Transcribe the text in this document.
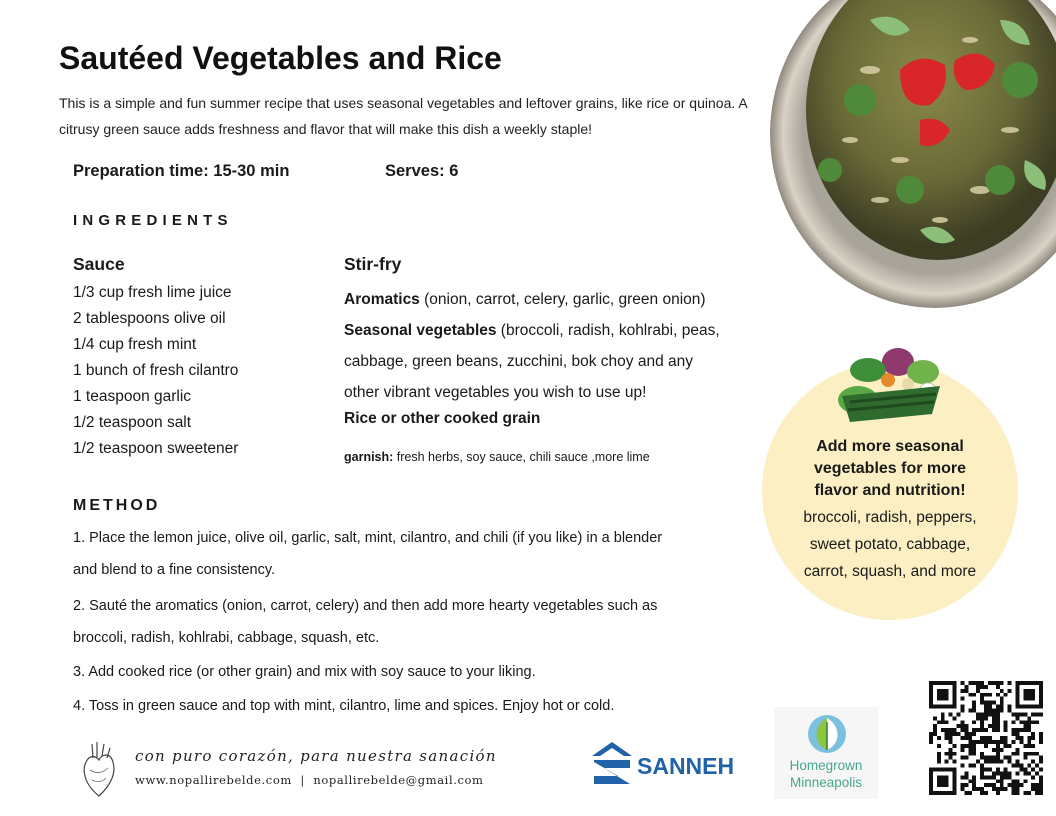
Sautéed Vegetables and Rice
This is a simple and fun summer recipe that uses seasonal vegetables and leftover grains, like rice or quinoa. A citrusy green sauce adds freshness and flavor that will make this dish a weekly staple!
Preparation time: 15-30 min	Serves: 6
INGREDIENTS
Sauce
1/3 cup fresh lime juice
2 tablespoons olive oil
1/4 cup fresh mint
1 bunch of fresh cilantro
1 teaspoon garlic
1/2 teaspoon salt
1/2 teaspoon sweetener
Stir-fry
Aromatics (onion, carrot, celery, garlic, green onion)
Seasonal vegetables (broccoli, radish, kohlrabi, peas, cabbage, green beans, zucchini, bok choy and any other vibrant vegetables you wish to use up!
Rice or other cooked grain
garnish: fresh herbs, soy sauce, chili sauce ,more lime
METHOD

1. Place the lemon juice, olive oil, garlic, salt, mint, cilantro, and chili (if you like) in a blender and blend to a fine consistency.

2. Sauté the aromatics (onion, carrot, celery) and then add more hearty vegetables such as broccoli, radish, kohlrabi, cabbage, squash, etc.

3. Add cooked rice (or other grain) and mix with soy sauce to your liking.

4. Toss in green sauce and top with mint, cilantro, lime and spices. Enjoy hot or cold.

Add more seasonal vegetables for more flavor and nutrition!
broccoli, radish, peppers, sweet potato, cabbage, carrot, squash, and more
con puro corazón, para nuestra sanación
www.nopallirebelde.com | nopallirebelde@gmail.com
SANNEH	Homegrown
Minneapolis
